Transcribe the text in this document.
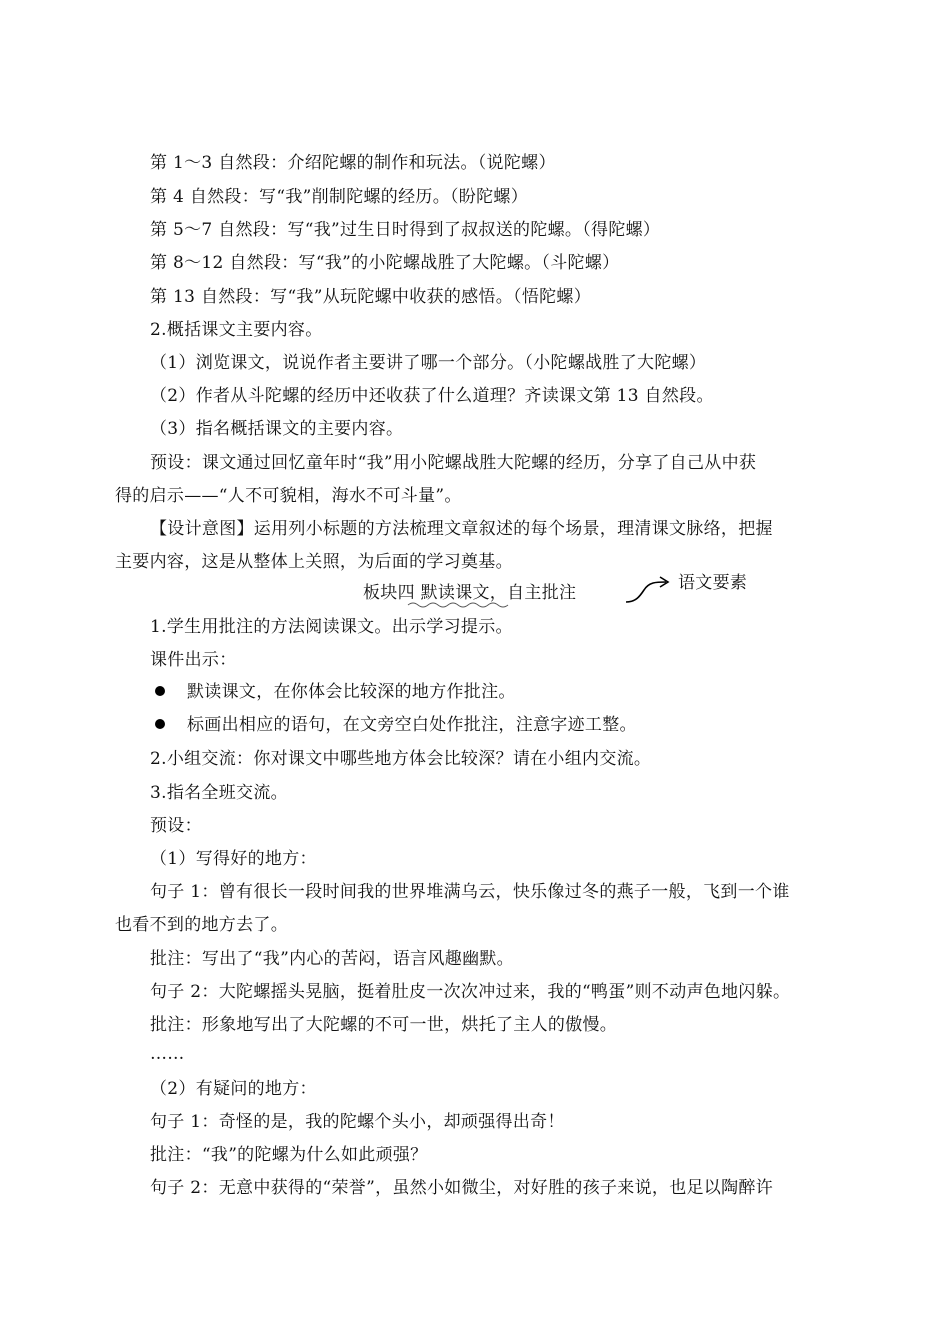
第 1～3 自然段：介绍陀螺的制作和玩法。（说陀螺）
第 4 自然段：写“我”削制陀螺的经历。（盼陀螺）
第 5～7 自然段：写“我”过生日时得到了叔叔送的陀螺。（得陀螺）
第 8～12 自然段：写“我”的小陀螺战胜了大陀螺。（斗陀螺）
第 13 自然段：写“我”从玩陀螺中收获的感悟。（悟陀螺）
2.概括课文主要内容。
（1）浏览课文，说说作者主要讲了哪一个部分。（小陀螺战胜了大陀螺）
（2）作者从斗陀螺的经历中还收获了什么道理？齐读课文第 13 自然段。
（3）指名概括课文的主要内容。
预设：课文通过回忆童年时“我”用小陀螺战胜大陀螺的经历，分享了自己从中获
得的启示——“人不可貌相，海水不可斗量”。
【设计意图】运用列小标题的方法梳理文章叙述的每个场景，理清课文脉络，把握
主要内容，这是从整体上关照，为后面的学习奠基。
板块四 默读课文，自主批注	语文要素
1.学生用批注的方法阅读课文。出示学习提示。
课件出示：
默读课文，在你体会比较深的地方作批注。
标画出相应的语句，在文旁空白处作批注，注意字迹工整。
2.小组交流：你对课文中哪些地方体会比较深？请在小组内交流。
3.指名全班交流。
预设：
（1）写得好的地方：
句子 1：曾有很长一段时间我的世界堆满乌云，快乐像过冬的燕子一般，飞到一个谁
也看不到的地方去了。
批注：写出了“我”内心的苦闷，语言风趣幽默。
句子 2：大陀螺摇头晃脑，挺着肚皮一次次冲过来，我的“鸭蛋”则不动声色地闪躲。
批注：形象地写出了大陀螺的不可一世，烘托了主人的傲慢。
……
（2）有疑问的地方：
句子 1：奇怪的是，我的陀螺个头小，却顽强得出奇！
批注：“我”的陀螺为什么如此顽强？
句子 2：无意中获得的“荣誉”，虽然小如微尘，对好胜的孩子来说，也足以陶醉许
